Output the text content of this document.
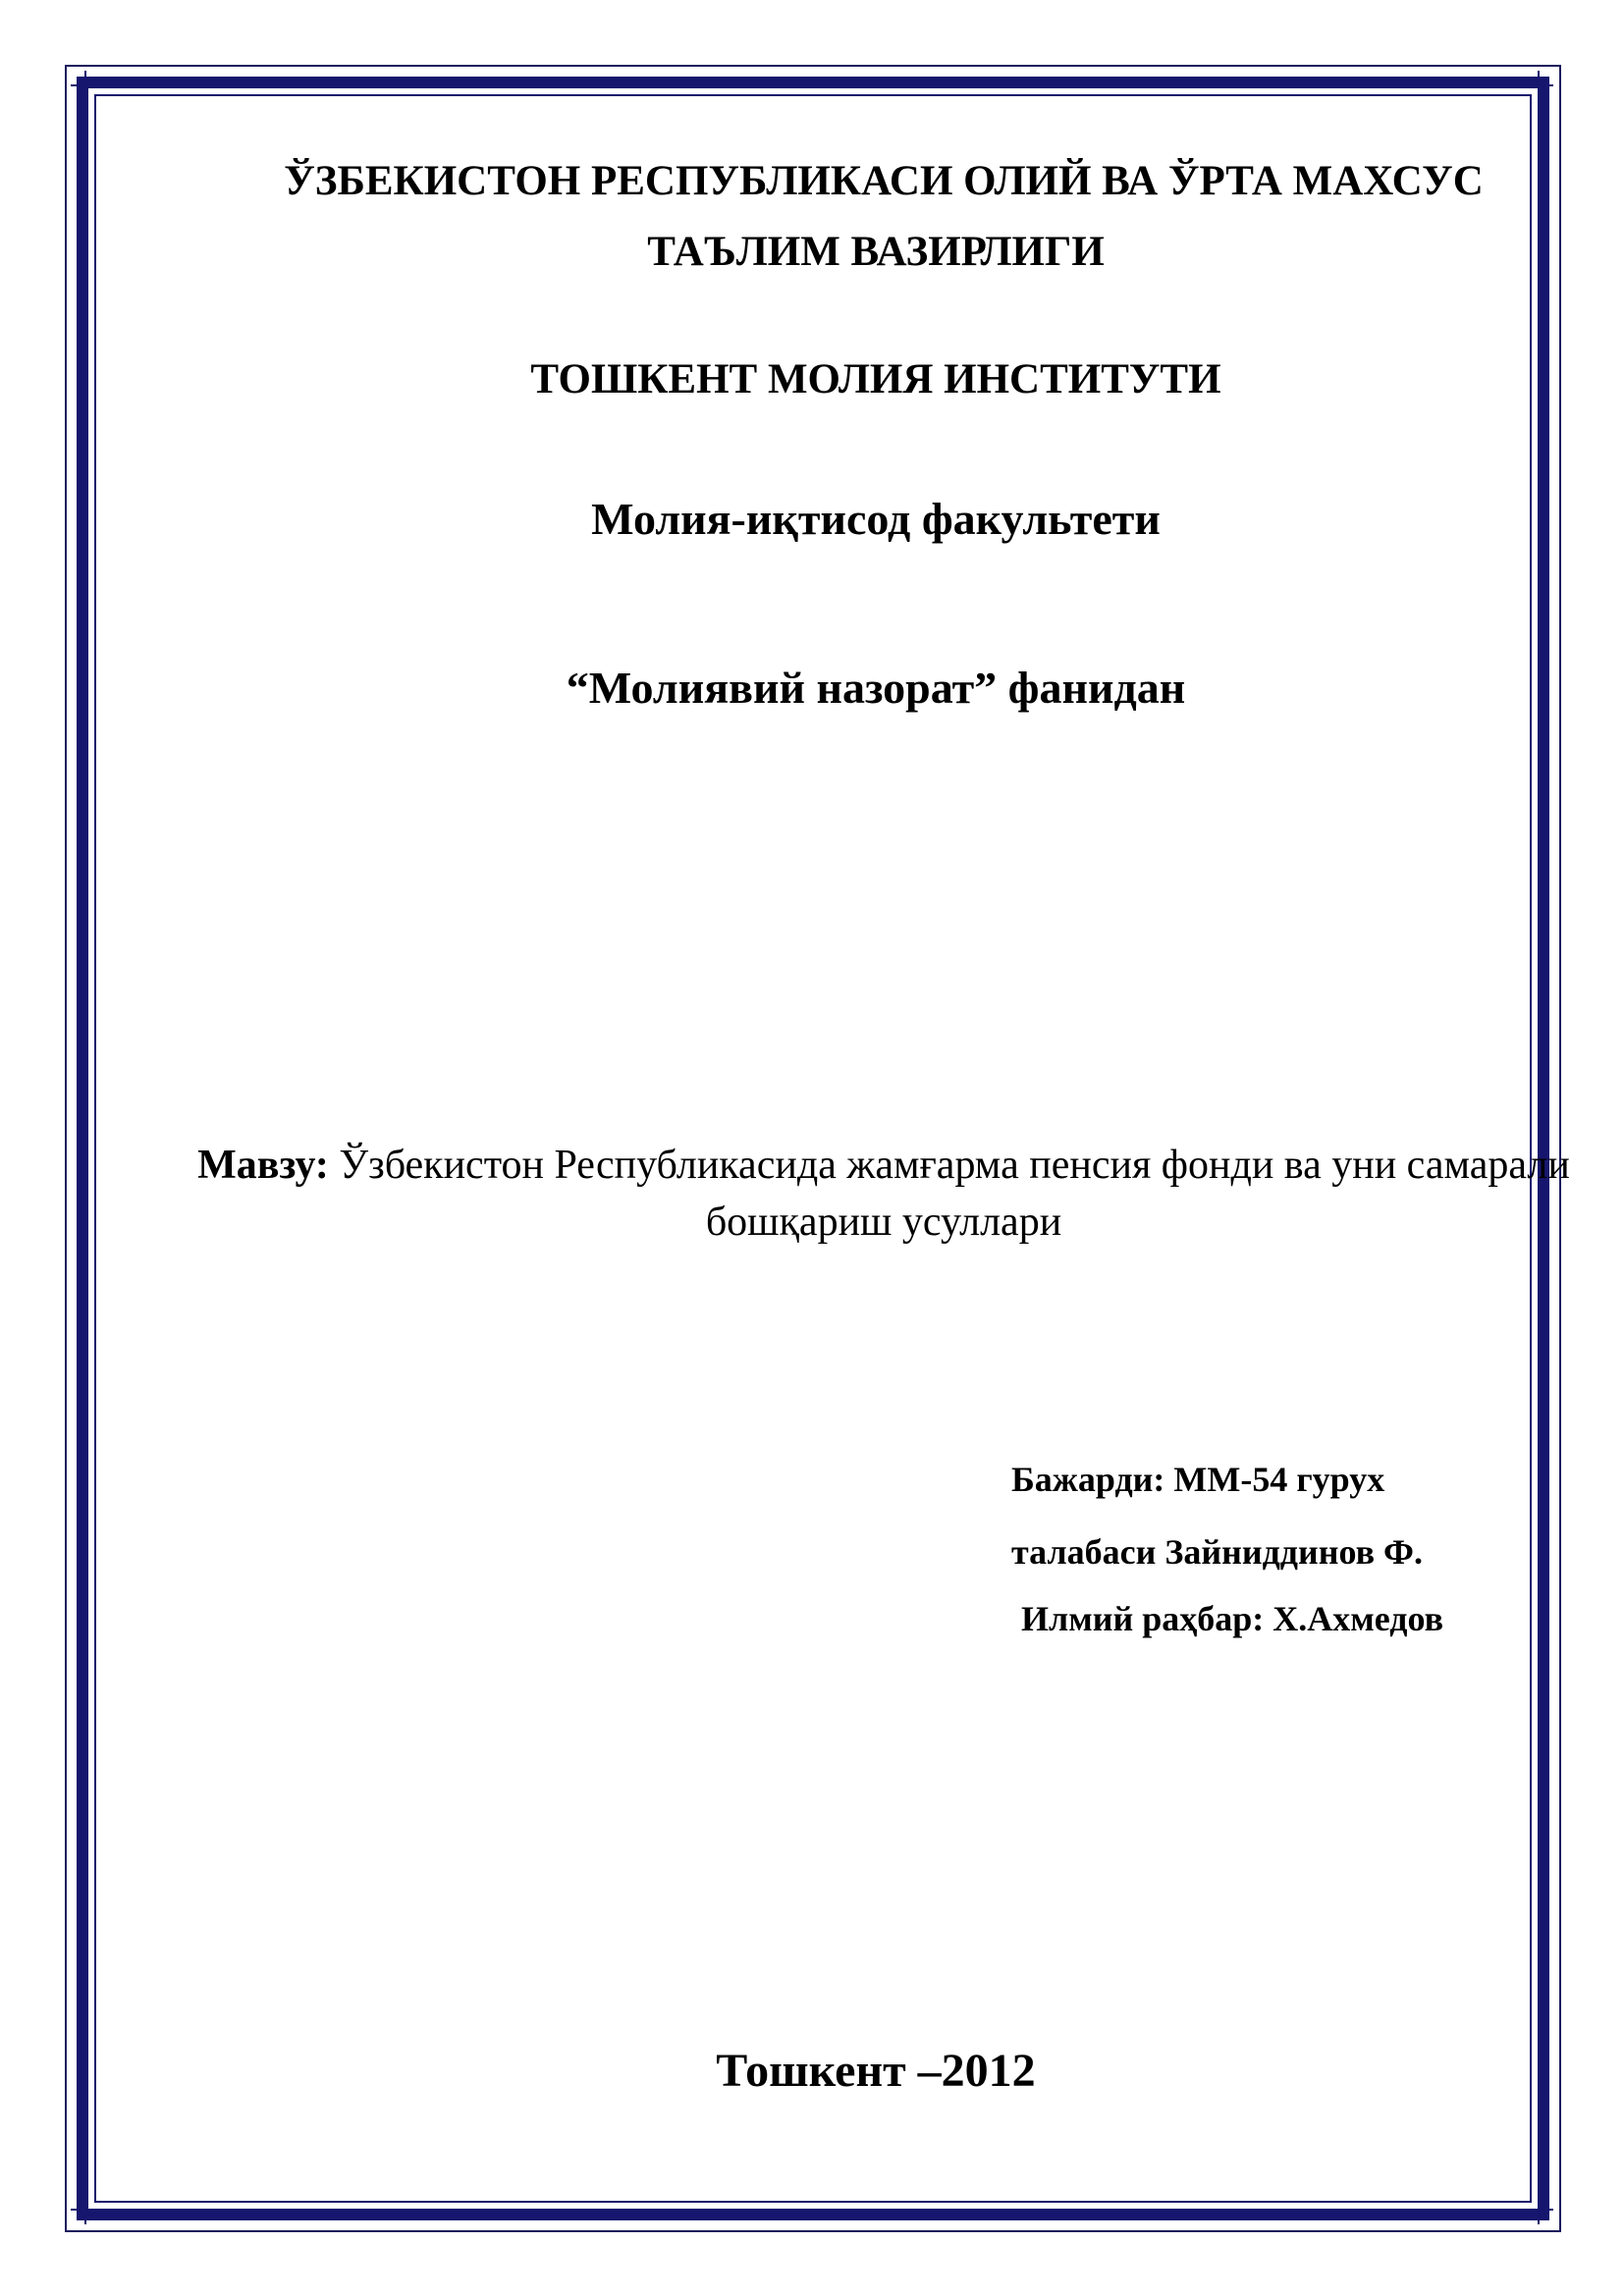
ЎЗБЕКИСТОН РЕСПУБЛИКАСИ ОЛИЙ ВА ЎРТА МАХСУС
ТАЪЛИМ ВАЗИРЛИГИ
ТОШКЕНТ МОЛИЯ ИНСТИТУТИ
Молия-иқтисод факультети
“Молиявий назорат” фанидан
Мавзу: Ўзбекистон Республикасида жамғарма пенсия фонди ва уни самарали бошқариш усуллари
Бажарди: ММ-54 гурух
талабаси Зайниддинов Ф.
Илмий раҳбар: Х.Ахмедов
Тошкент –2012
